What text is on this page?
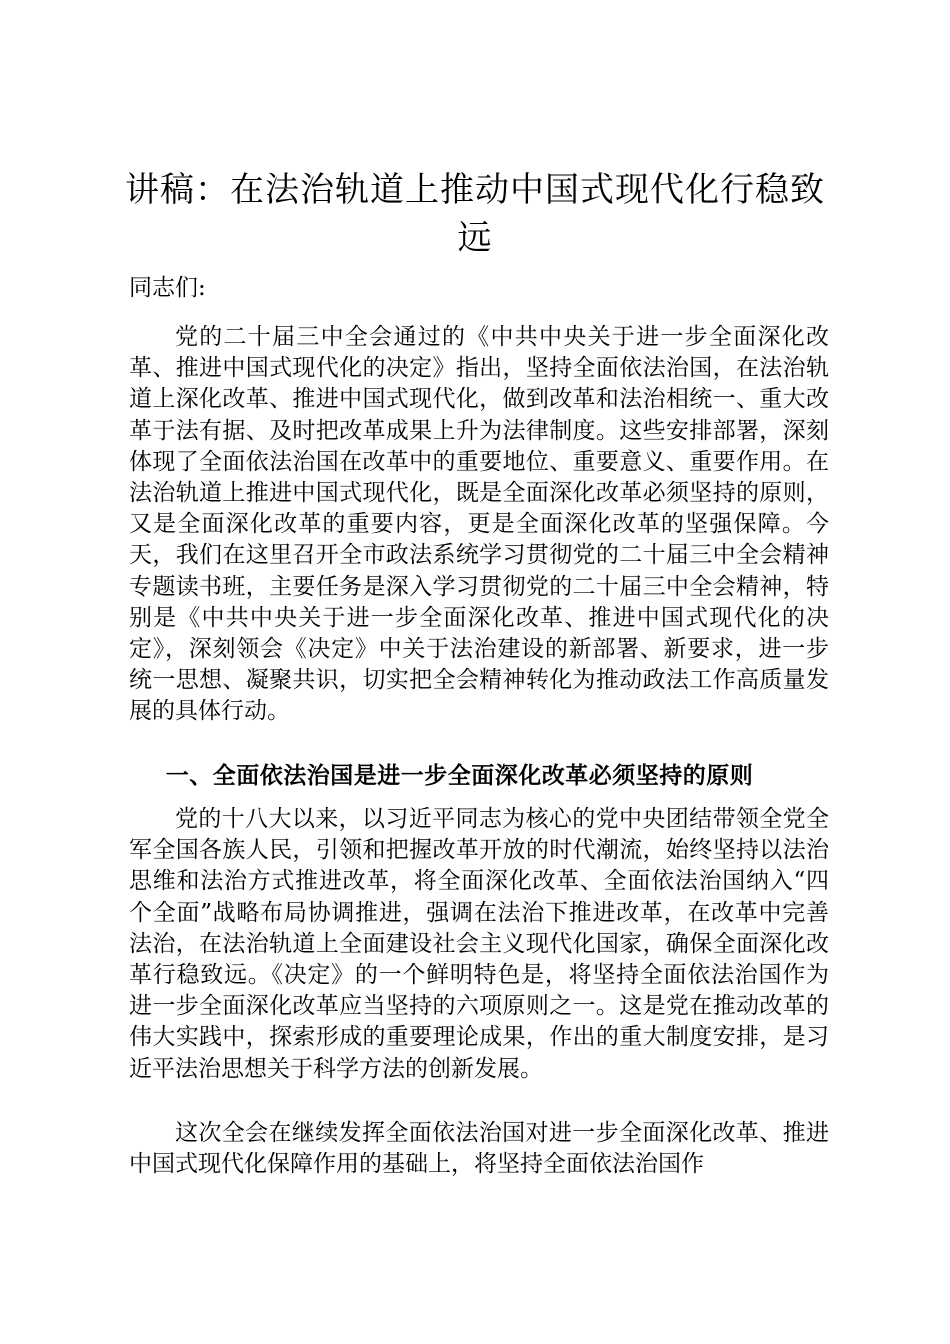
讲稿：在法治轨道上推动中国式现代化行稳致远
同志们:

党的二十届三中全会通过的《中共中央关于进一步全面深化改革、推进中国式现代化的决定》指出，坚持全面依法治国，在法治轨道上深化改革、推进中国式现代化，做到改革和法治相统一、重大改革于法有据、及时把改革成果上升为法律制度。这些安排部署，深刻体现了全面依法治国在改革中的重要地位、重要意义、重要作用。在法治轨道上推进中国式现代化，既是全面深化改革必须坚持的原则，又是全面深化改革的重要内容，更是全面深化改革的坚强保障。今天，我们在这里召开全市政法系统学习贯彻党的二十届三中全会精神专题读书班，主要任务是深入学习贯彻党的二十届三中全会精神，特别是《中共中央关于进一步全面深化改革、推进中国式现代化的决定》，深刻领会《决定》中关于法治建设的新部署、新要求，进一步统一思想、凝聚共识，切实把全会精神转化为推动政法工作高质量发展的具体行动。

一、全面依法治国是进一步全面深化改革必须坚持的原则

党的十八大以来，以习近平同志为核心的党中央团结带领全党全军全国各族人民，引领和把握改革开放的时代潮流，始终坚持以法治思维和法治方式推进改革，将全面深化改革、全面依法治国纳入“四个全面”战略布局协调推进，强调在法治下推进改革，在改革中完善法治，在法治轨道上全面建设社会主义现代化国家，确保全面深化改革行稳致远。《决定》的一个鲜明特色是，将坚持全面依法治国作为进一步全面深化改革应当坚持的六项原则之一。这是党在推动改革的伟大实践中，探索形成的重要理论成果，作出的重大制度安排，是习近平法治思想关于科学方法的创新发展。

这次全会在继续发挥全面依法治国对进一步全面深化改革、推进中国式现代化保障作用的基础上，将坚持全面依法治国作
